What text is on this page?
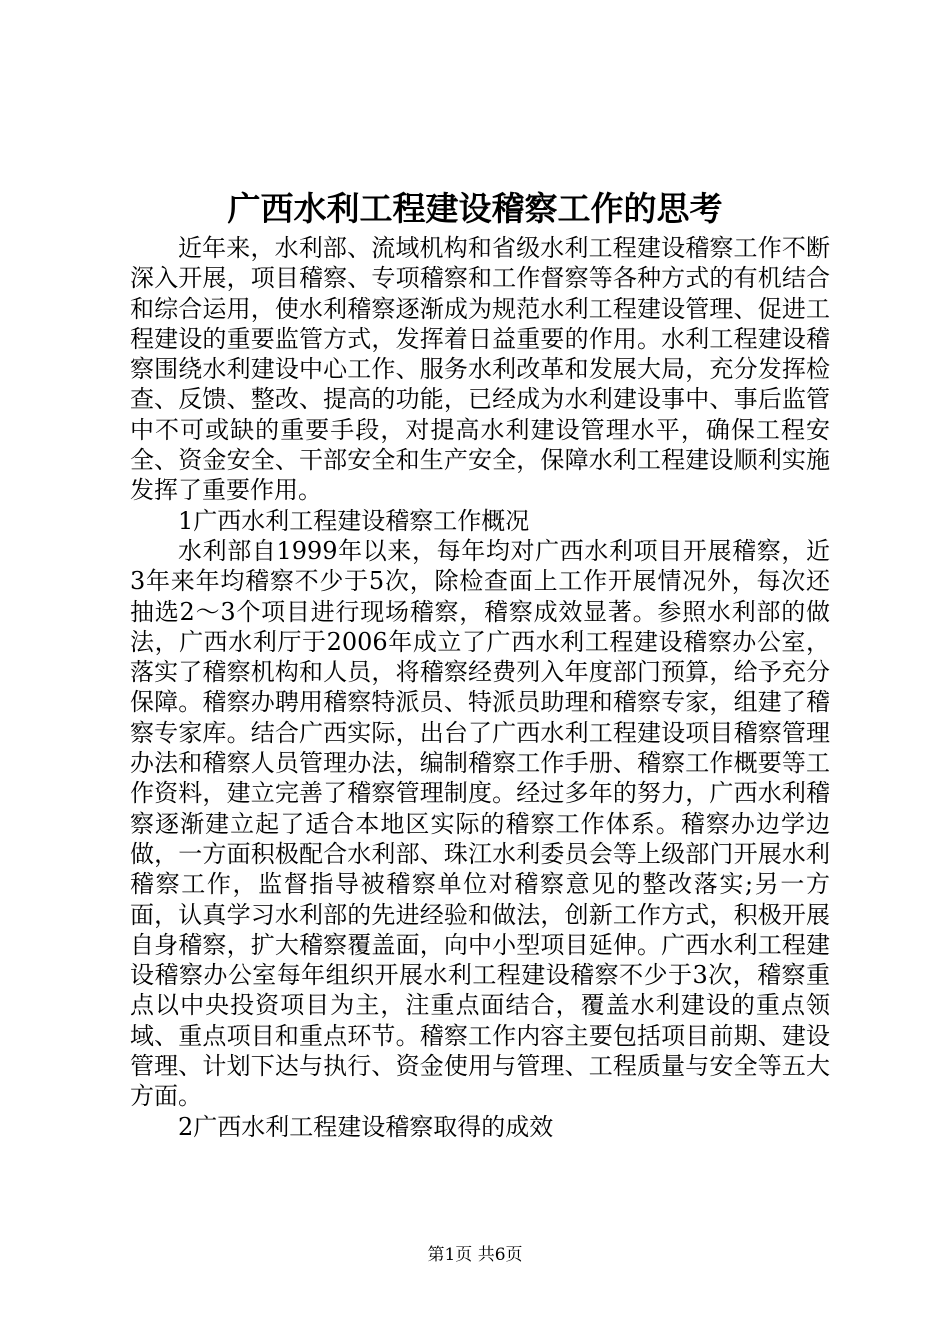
广西水利工程建设稽察工作的思考

近年来，水利部、流域机构和省级水利工程建设稽察工作不断深入开展，项目稽察、专项稽察和工作督察等各种方式的有机结合和综合运用，使水利稽察逐渐成为规范水利工程建设管理、促进工程建设的重要监管方式，发挥着日益重要的作用。水利工程建设稽察围绕水利建设中心工作、服务水利改革和发展大局，充分发挥检查、反馈、整改、提高的功能，已经成为水利建设事中、事后监管中不可或缺的重要手段，对提高水利建设管理水平，确保工程安全、资金安全、干部安全和生产安全，保障水利工程建设顺利实施发挥了重要作用。

1广西水利工程建设稽察工作概况

水利部自1999年以来，每年均对广西水利项目开展稽察，近3年来年均稽察不少于5次，除检查面上工作开展情况外，每次还抽选2～3个项目进行现场稽察，稽察成效显著。参照水利部的做法，广西水利厅于2006年成立了广西水利工程建设稽察办公室，落实了稽察机构和人员，将稽察经费列入年度部门预算，给予充分保障。稽察办聘用稽察特派员、特派员助理和稽察专家，组建了稽察专家库。结合广西实际，出台了广西水利工程建设项目稽察管理办法和稽察人员管理办法，编制稽察工作手册、稽察工作概要等工作资料，建立完善了稽察管理制度。经过多年的努力，广西水利稽察逐渐建立起了适合本地区实际的稽察工作体系。稽察办边学边做，一方面积极配合水利部、珠江水利委员会等上级部门开展水利稽察工作，监督指导被稽察单位对稽察意见的整改落实;另一方面，认真学习水利部的先进经验和做法，创新工作方式，积极开展自身稽察，扩大稽察覆盖面，向中小型项目延伸。广西水利工程建设稽察办公室每年组织开展水利工程建设稽察不少于3次，稽察重点以中央投资项目为主，注重点面结合，覆盖水利建设的重点领域、重点项目和重点环节。稽察工作内容主要包括项目前期、建设管理、计划下达与执行、资金使用与管理、工程质量与安全等五大方面。

2广西水利工程建设稽察取得的成效

第1页 共6页
